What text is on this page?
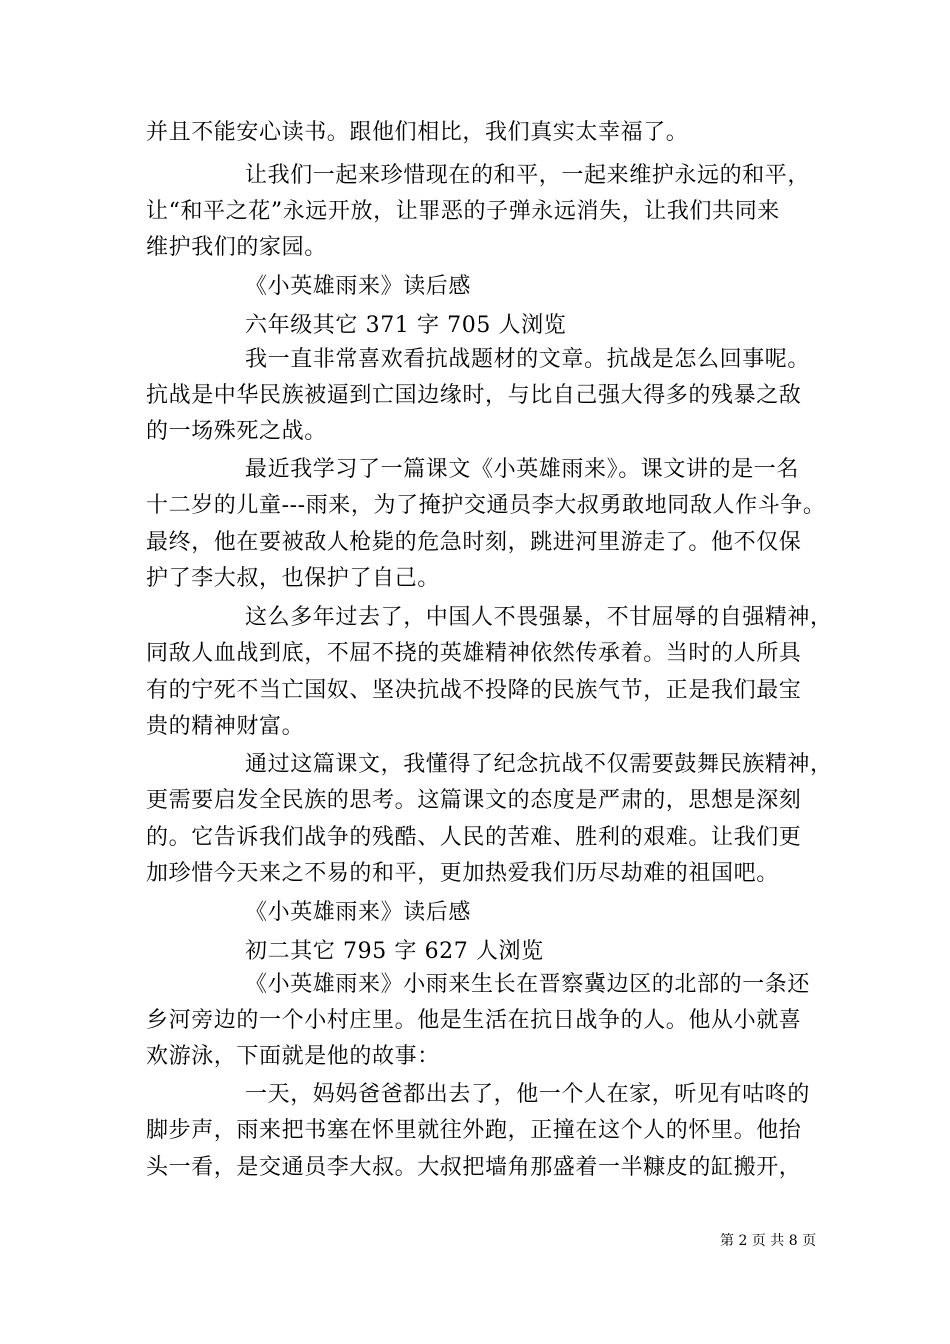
并且不能安心读书。跟他们相比，我们真实太幸福了。
让我们一起来珍惜现在的和平，一起来维护永远的和平，
让“和平之花”永远开放，让罪恶的子弹永远消失，让我们共同来
维护我们的家园。
《小英雄雨来》读后感
六年级其它 371 字 705 人浏览
我一直非常喜欢看抗战题材的文章。抗战是怎么回事呢。
抗战是中华民族被逼到亡国边缘时，与比自己强大得多的残暴之敌
的一场殊死之战。
最近我学习了一篇课文《小英雄雨来》。课文讲的是一名
十二岁的儿童---雨来，为了掩护交通员李大叔勇敢地同敌人作斗争。
最终，他在要被敌人枪毙的危急时刻，跳进河里游走了。他不仅保
护了李大叔，也保护了自己。
这么多年过去了，中国人不畏强暴，不甘屈辱的自强精神，
同敌人血战到底，不屈不挠的英雄精神依然传承着。当时的人所具
有的宁死不当亡国奴、坚决抗战不投降的民族气节，正是我们最宝
贵的精神财富。
通过这篇课文，我懂得了纪念抗战不仅需要鼓舞民族精神，
更需要启发全民族的思考。这篇课文的态度是严肃的，思想是深刻
的。它告诉我们战争的残酷、人民的苦难、胜利的艰难。让我们更
加珍惜今天来之不易的和平，更加热爱我们历尽劫难的祖国吧。
《小英雄雨来》读后感
初二其它 795 字 627 人浏览
《小英雄雨来》小雨来生长在晋察冀边区的北部的一条还
乡河旁边的一个小村庄里。他是生活在抗日战争的人。他从小就喜
欢游泳，下面就是他的故事：
一天，妈妈爸爸都出去了，他一个人在家，听见有咕咚的
脚步声，雨来把书塞在怀里就往外跑，正撞在这个人的怀里。他抬
头一看，是交通员李大叔。大叔把墙角那盛着一半糠皮的缸搬开，
第 2 页 共 8 页
